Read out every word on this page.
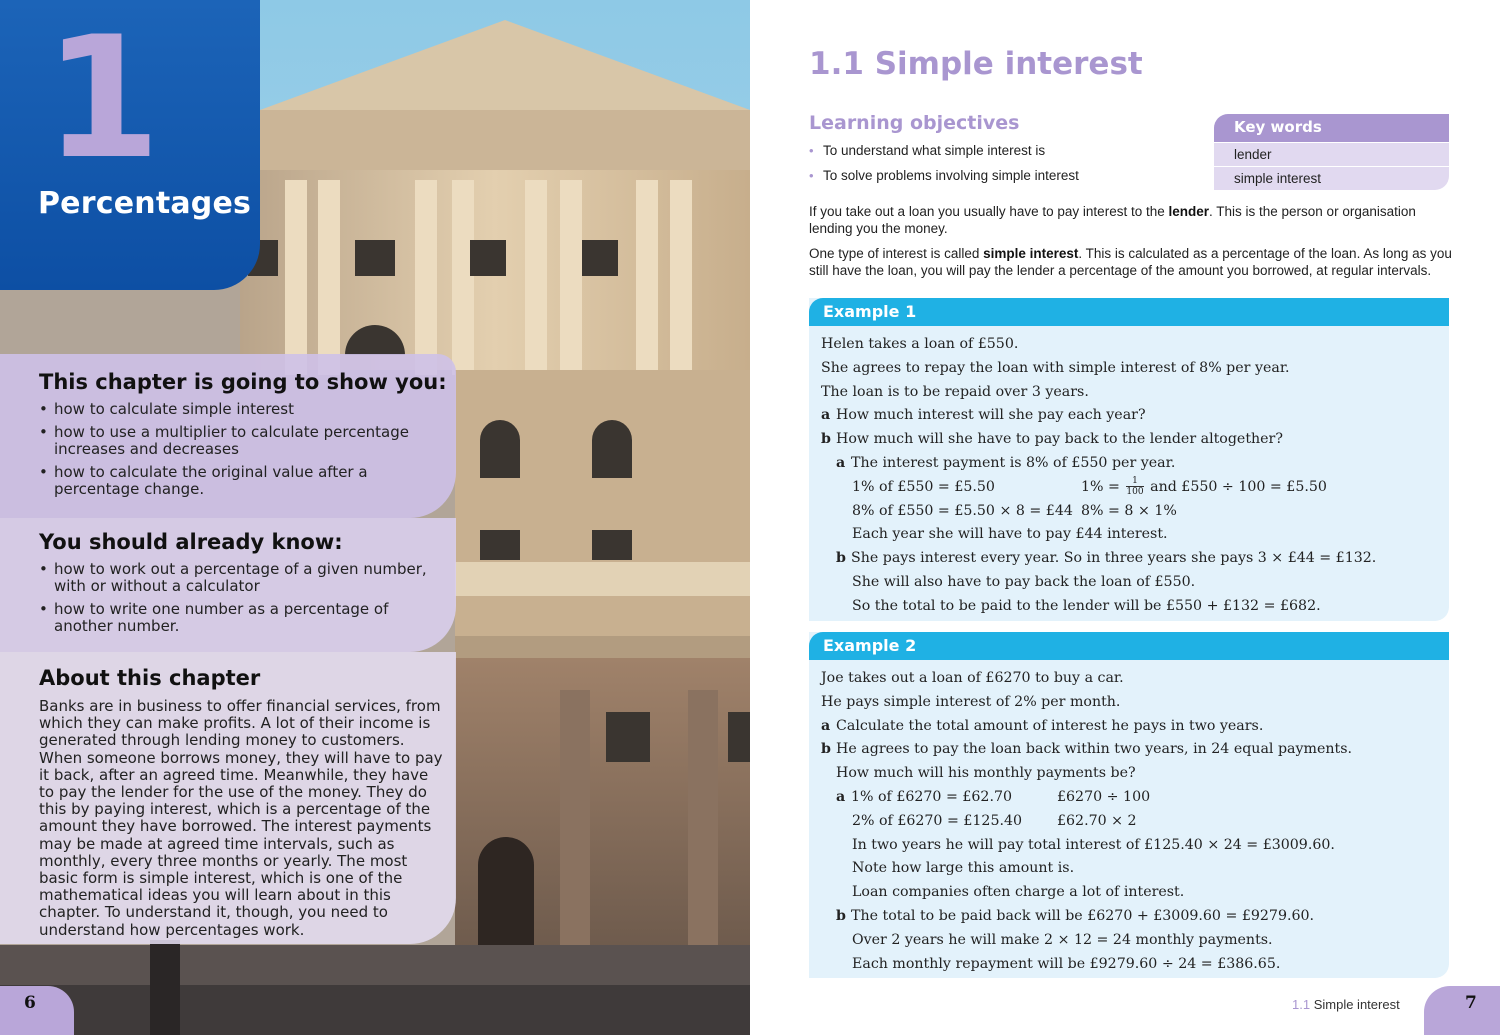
1
Percentages
This chapter is going to show you:
• how to calculate simple interest
• how to use a multiplier to calculate percentage increases and decreases
• how to calculate the original value after a percentage change.
You should already know:
• how to work out a percentage of a given number, with or without a calculator
• how to write one number as a percentage of another number.
About this chapter

Banks are in business to offer financial services, from which they can make profits. A lot of their income is generated through lending money to customers. When someone borrows money, they will have to pay it back, after an agreed time. Meanwhile, they have to pay the lender for the use of the money. They do this by paying interest, which is a percentage of the amount they have borrowed. The interest payments may be made at agreed time intervals, such as monthly, every three months or yearly. The most basic form is simple interest, which is one of the mathematical ideas you will learn about in this chapter. To understand it, though, you need to understand how percentages work.

6
1.1 Simple interest
Learning objectives
• To understand what simple interest is
• To solve problems involving simple interest
Key words
lender
simple interest

If you take out a loan you usually have to pay interest to the lender. This is the person or organisation lending you the money.

One type of interest is called simple interest. This is calculated as a percentage of the loan. As long as you still have the loan, you will pay the lender a percentage of the amount you borrowed, at regular intervals.

Example 1
Helen takes a loan of £550.
She agrees to repay the loan with simple interest of 8% per year.
The loan is to be repaid over 3 years.
a How much interest will she pay each year?
b How much will she have to pay back to the lender altogether?
a The interest payment is 8% of £550 per year.
1% of £550 = £5.50	$1\% = \frac{1}{100}$ and £550 ÷ 100 = £5.50
8% of £550 = £5.50 × 8 = £44 8% = 8 × 1%
Each year she will have to pay £44 interest.
b She pays interest every year. So in three years she pays 3 × £44 = £132.
She will also have to pay back the loan of £550.
So the total to be paid to the lender will be £550 + £132 = £682.
Example 2
Joe takes out a loan of £6270 to buy a car.
He pays simple interest of 2% per month.
a Calculate the total amount of interest he pays in two years.
b He agrees to pay the loan back within two years, in 24 equal payments.
How much will his monthly payments be?
a 1% of £6270 = £62.70	£6270 ÷ 100
2% of £6270 = £125.40 £62.70 × 2
In two years he will pay total interest of £125.40 × 24 = £3009.60.
Note how large this amount is.
Loan companies often charge a lot of interest.
b The total to be paid back will be £6270 + £3009.60 = £9279.60.
Over 2 years he will make 2 × 12 = 24 monthly payments.
Each monthly repayment will be £9279.60 ÷ 24 = £386.65.
1.1 Simple interest	7
